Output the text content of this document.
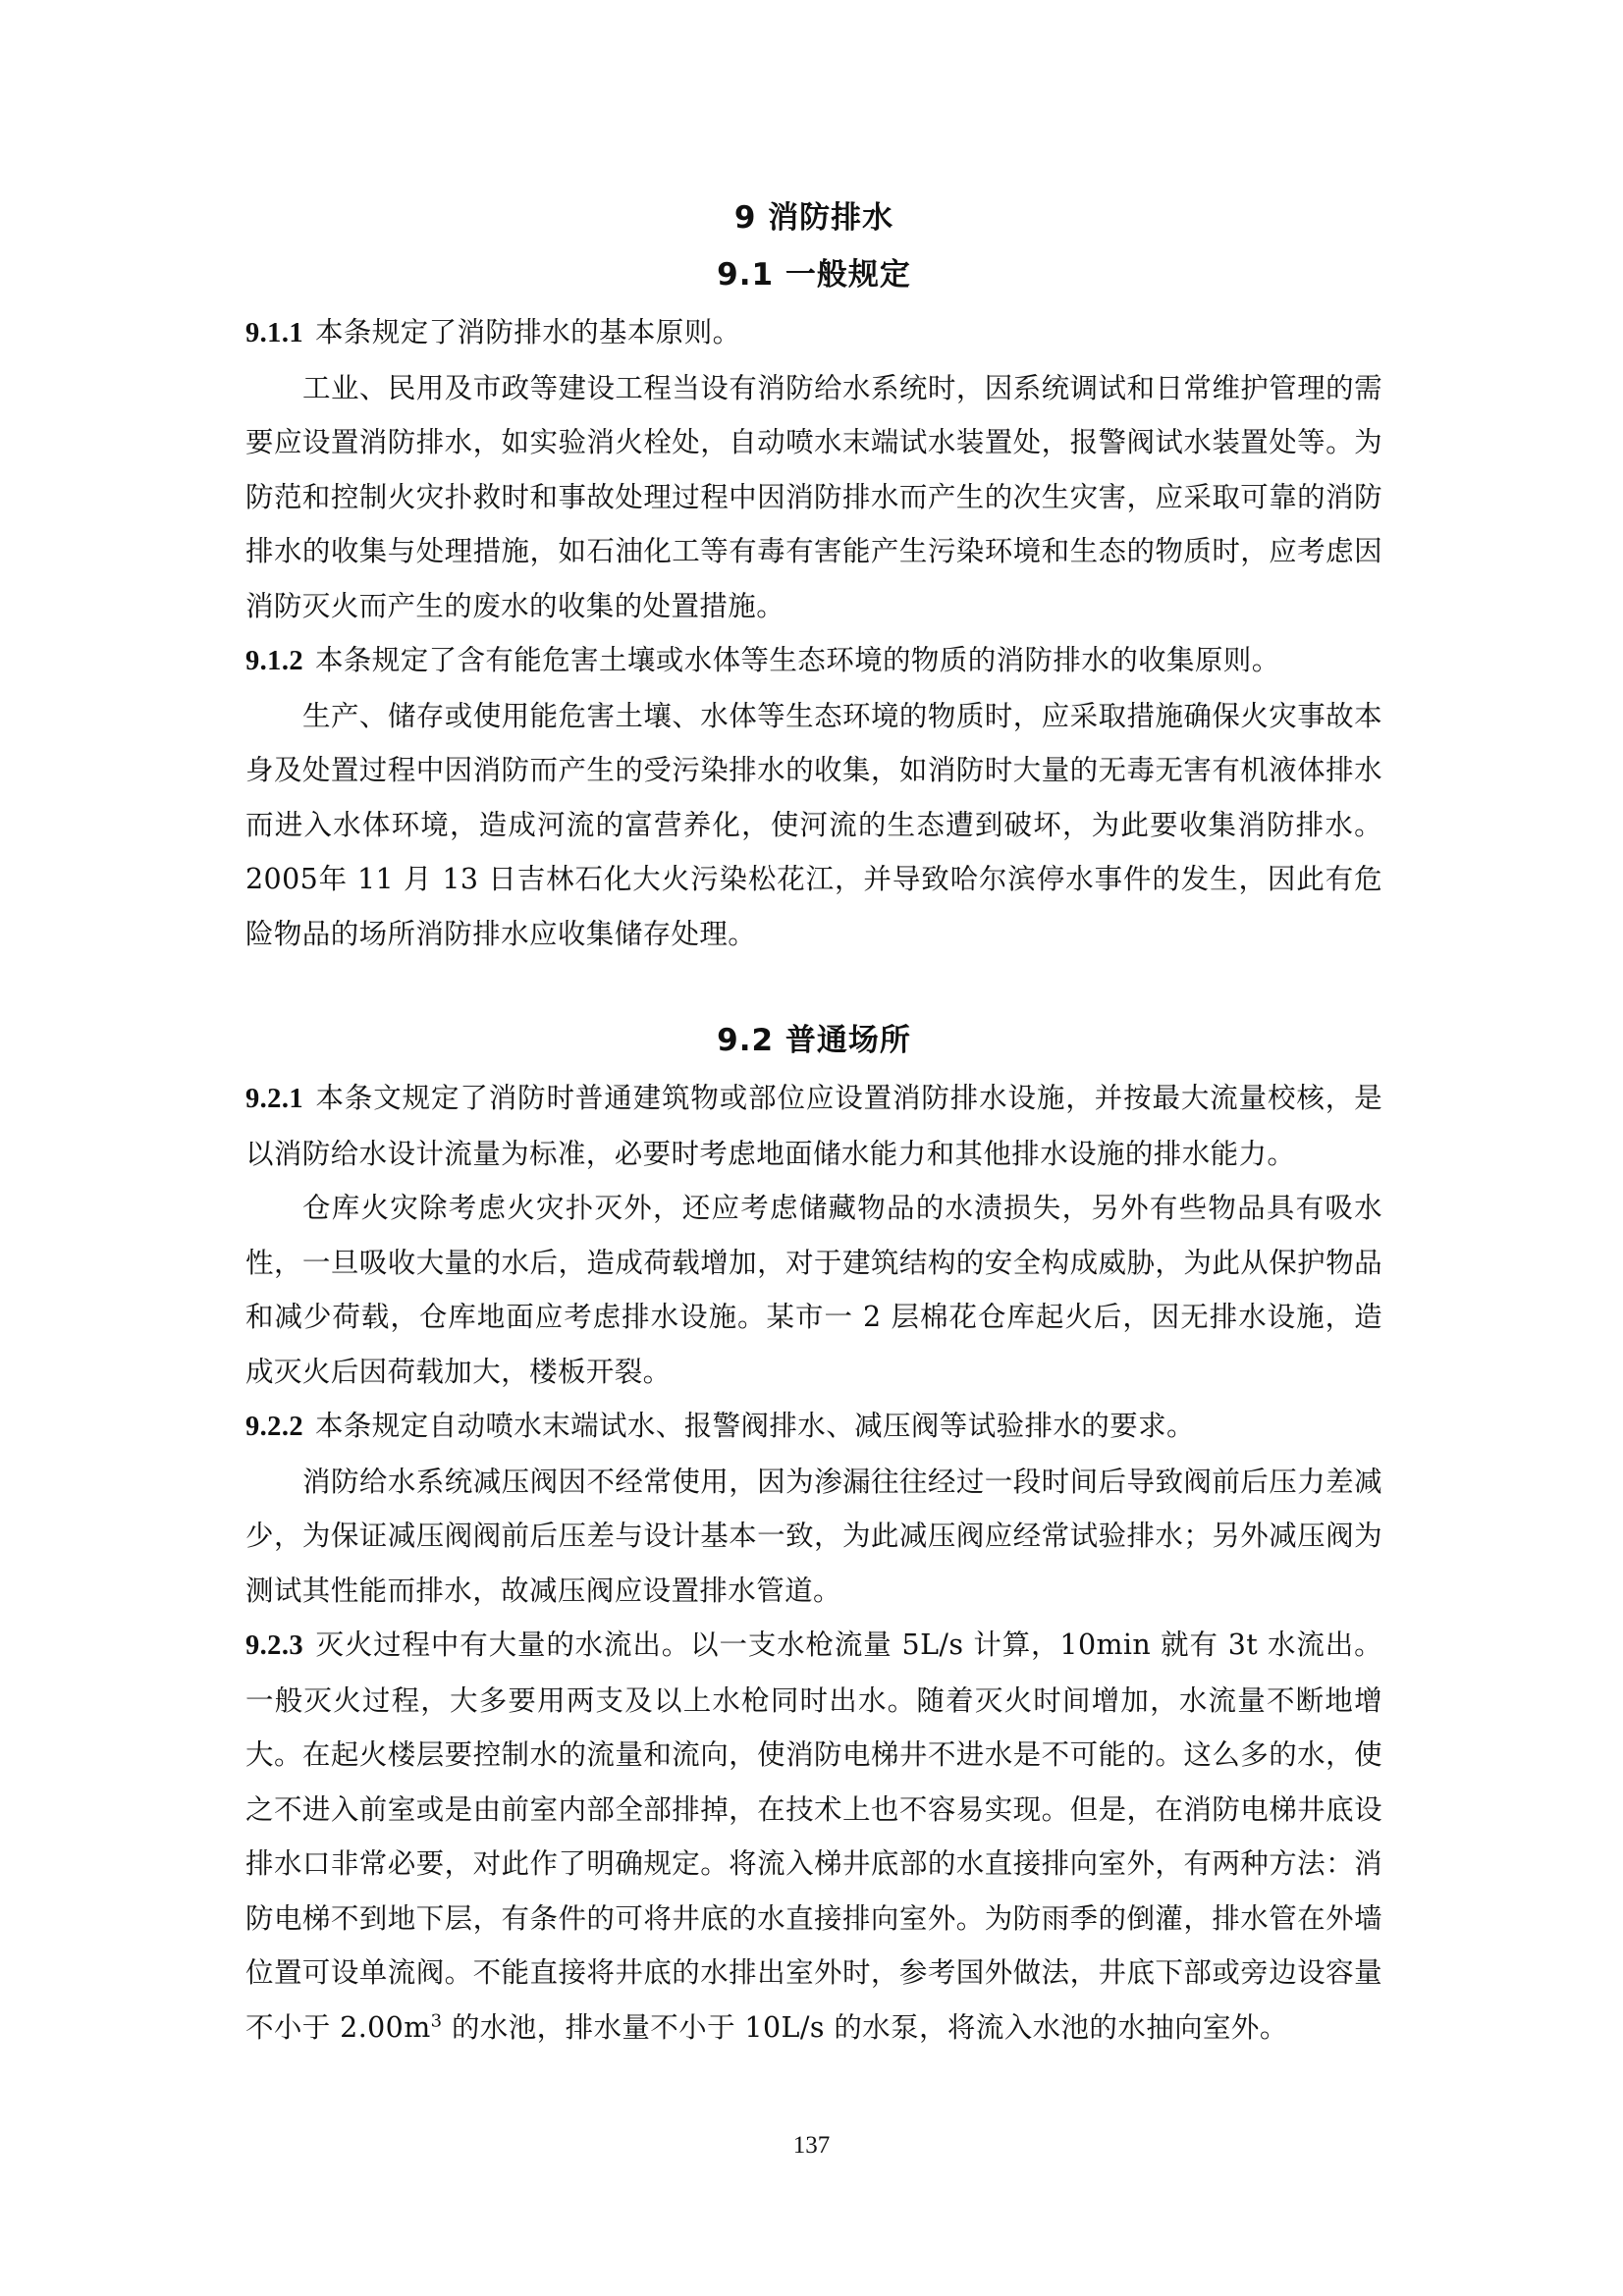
9 消防排水
9.1 一般规定

9.1.1 本条规定了消防排水的基本原则。

工业、民用及市政等建设工程当设有消防给水系统时，因系统调试和日常维护管理的需要应设置消防排水，如实验消火栓处，自动喷水末端试水装置处，报警阀试水装置处等。为防范和控制火灾扑救时和事故处理过程中因消防排水而产生的次生灾害，应采取可靠的消防排水的收集与处理措施，如石油化工等有毒有害能产生污染环境和生态的物质时，应考虑因消防灭火而产生的废水的收集的处置措施。

9.1.2 本条规定了含有能危害土壤或水体等生态环境的物质的消防排水的收集原则。

生产、储存或使用能危害土壤、水体等生态环境的物质时，应采取措施确保火灾事故本身及处置过程中因消防而产生的受污染排水的收集，如消防时大量的无毒无害有机液体排水而进入水体环境，造成河流的富营养化，使河流的生态遭到破坏，为此要收集消防排水。2005年 11 月 13 日吉林石化大火污染松花江，并导致哈尔滨停水事件的发生，因此有危险物品的场所消防排水应收集储存处理。

9.2 普通场所

9.2.1 本条文规定了消防时普通建筑物或部位应设置消防排水设施，并按最大流量校核，是以消防给水设计流量为标准，必要时考虑地面储水能力和其他排水设施的排水能力。

仓库火灾除考虑火灾扑灭外，还应考虑储藏物品的水渍损失，另外有些物品具有吸水性，一旦吸收大量的水后，造成荷载增加，对于建筑结构的安全构成威胁，为此从保护物品和减少荷载，仓库地面应考虑排水设施。某市一 2 层棉花仓库起火后，因无排水设施，造成灭火后因荷载加大，楼板开裂。

9.2.2 本条规定自动喷水末端试水、报警阀排水、减压阀等试验排水的要求。

消防给水系统减压阀因不经常使用，因为渗漏往往经过一段时间后导致阀前后压力差减少，为保证减压阀阀前后压差与设计基本一致，为此减压阀应经常试验排水；另外减压阀为测试其性能而排水，故减压阀应设置排水管道。

9.2.3 灭火过程中有大量的水流出。以一支水枪流量 5L/s 计算，10min 就有 3t 水流出。一般灭火过程，大多要用两支及以上水枪同时出水。随着灭火时间增加，水流量不断地增大。在起火楼层要控制水的流量和流向，使消防电梯井不进水是不可能的。这么多的水，使之不进入前室或是由前室内部全部排掉，在技术上也不容易实现。但是，在消防电梯井底设排水口非常必要，对此作了明确规定。将流入梯井底部的水直接排向室外，有两种方法：消防电梯不到地下层，有条件的可将井底的水直接排向室外。为防雨季的倒灌，排水管在外墙位置可设单流阀。不能直接将井底的水排出室外时，参考国外做法，井底下部或旁边设容量不小于 $2.00m^3$ 的水池，排水量不小于 10L/s 的水泵，将流入水池的水抽向室外。

137
